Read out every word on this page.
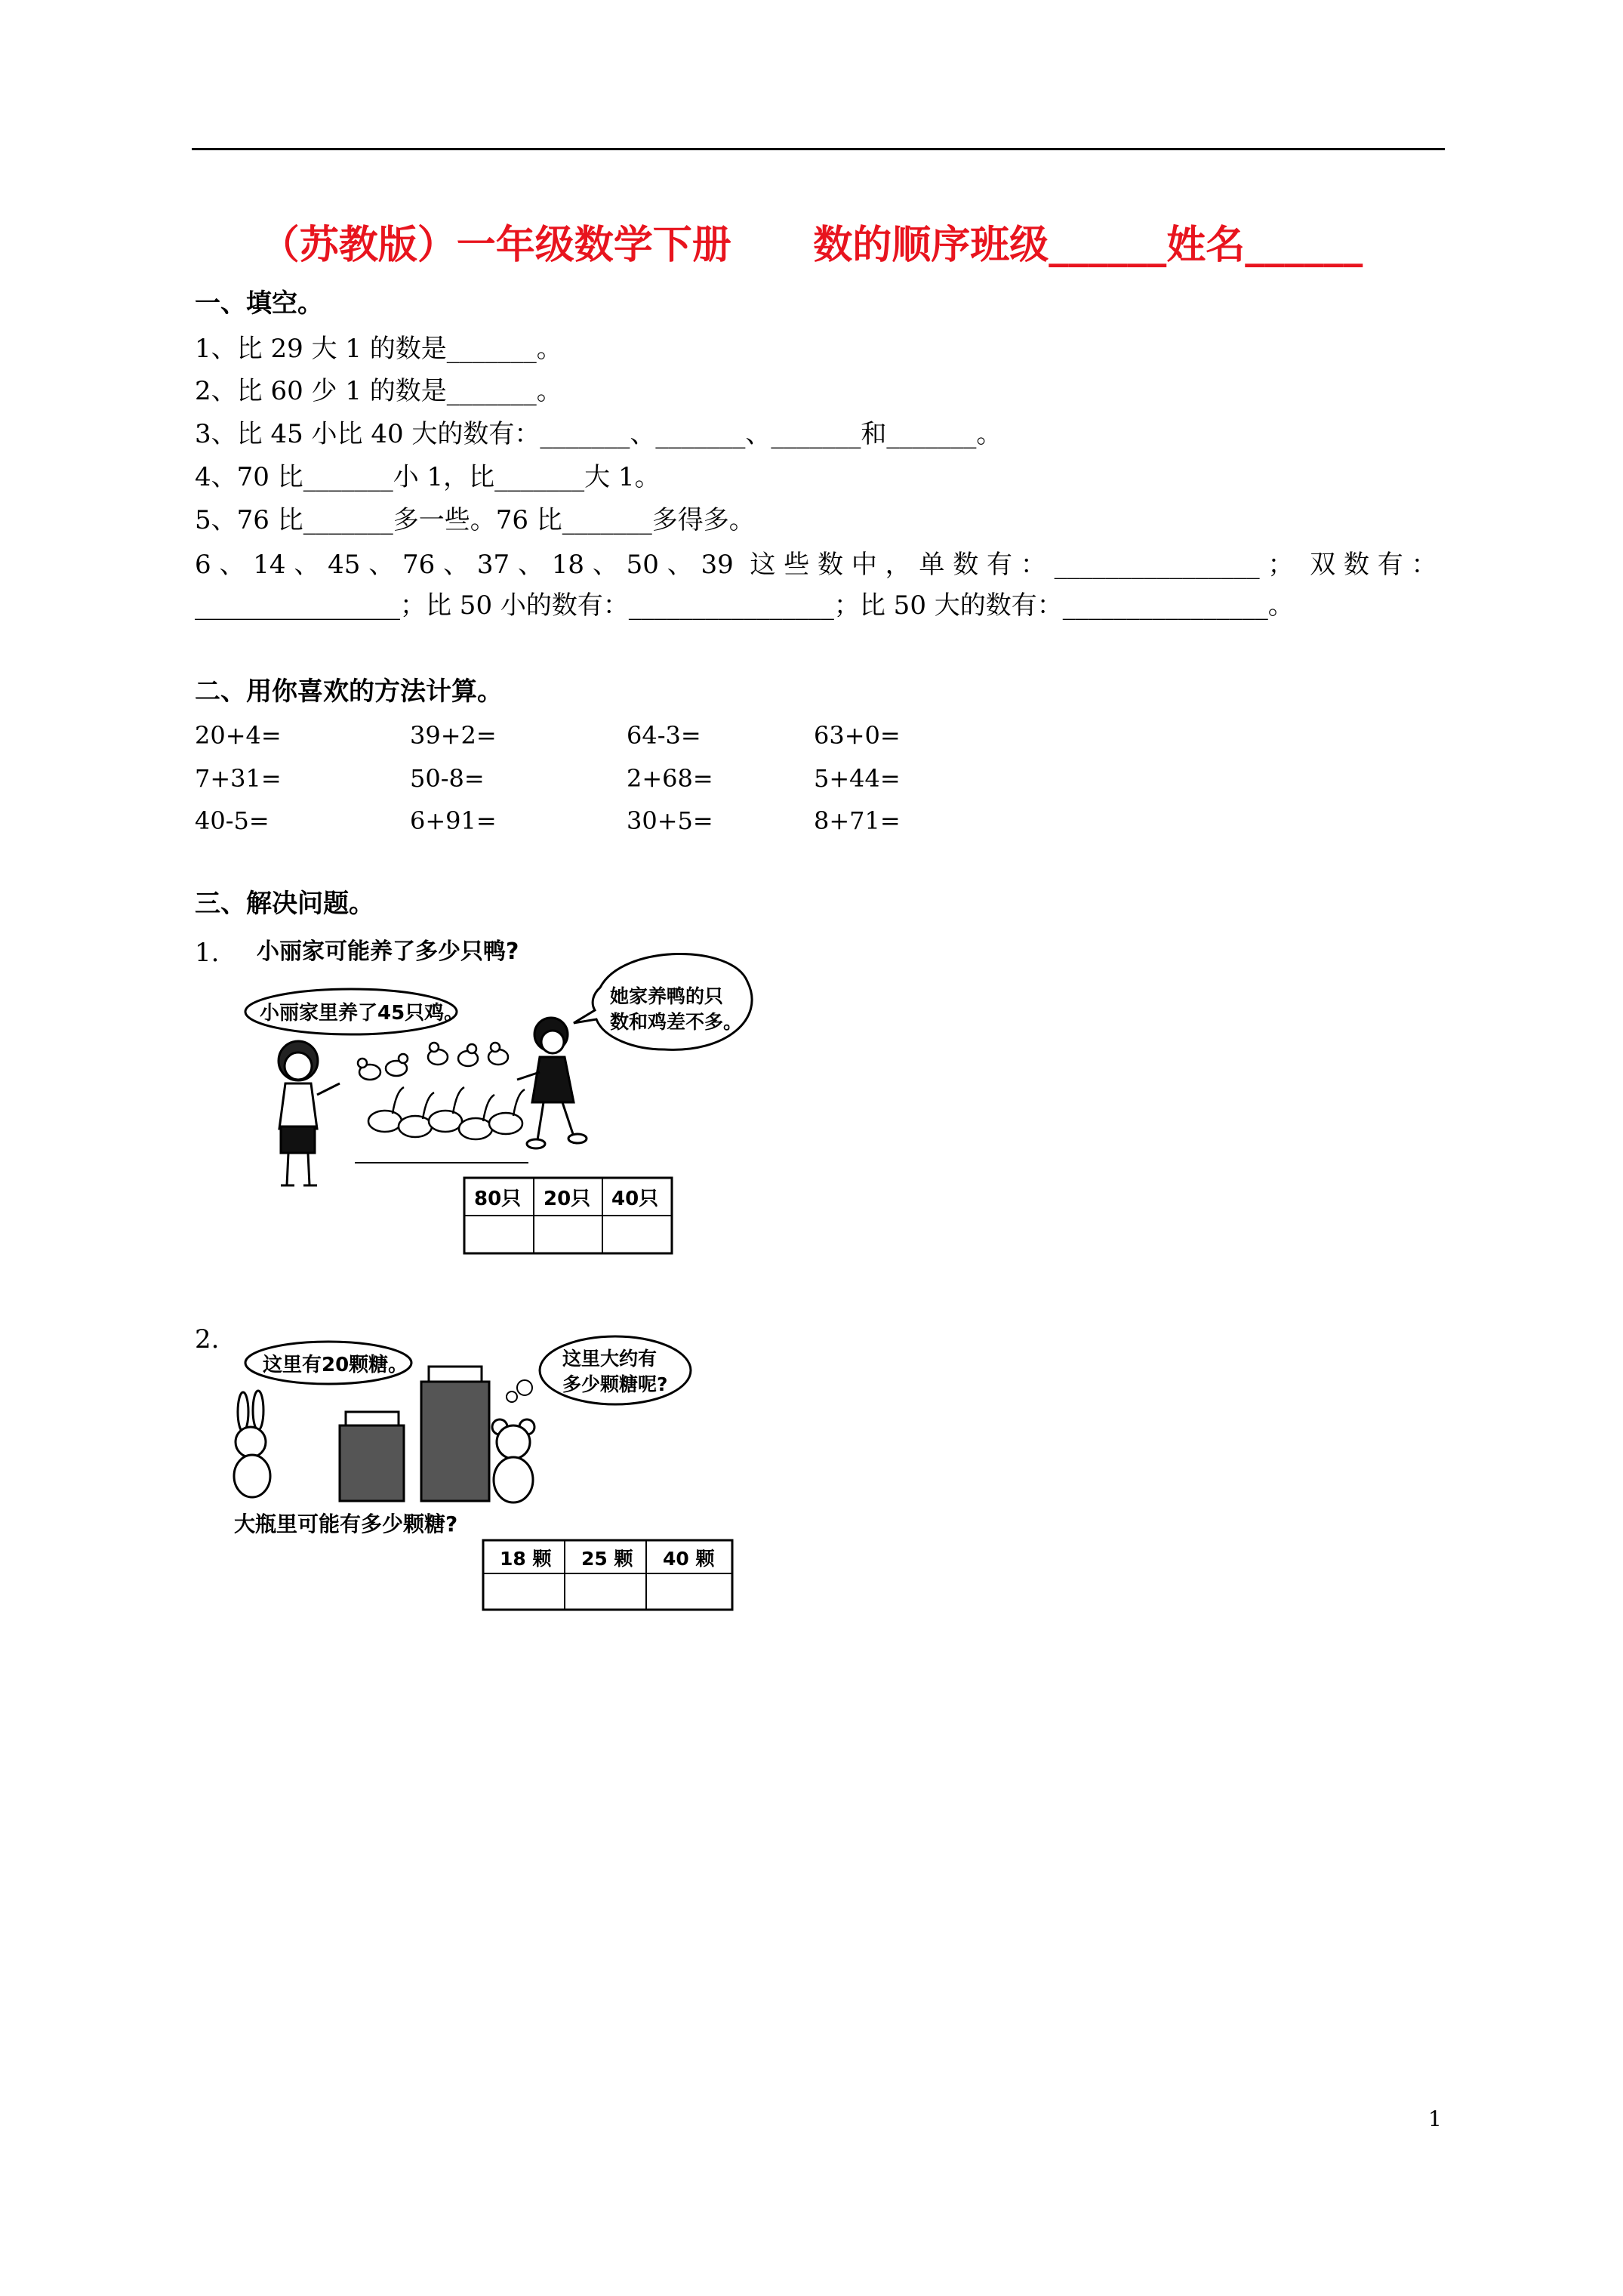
（苏教版）一年级数学下册      数的顺序班级______姓名______
一、填空。
1、比 29 大 1 的数是_______。
2、比 60 少 1 的数是_______。
3、比 45 小比 40 大的数有：_______、_______、_______和_______。
4、70 比_______小 1，比_______大 1。
5、76 比_______多一些。76 比_______多得多。
6 、 14 、 45 、 76 、 37 、 18 、 50 、 39  这 些 数 中 ， 单 数 有 ： ________________ ；  双 数 有 ：
________________；比 50 小的数有：________________；比 50 大的数有：________________。
二、用你喜欢的方法计算。
20+4=	39+2=	64-3=	63+0=
7+31=	50-8=	2+68=	5+44=
40-5=	6+91=	30+5=	8+71=
三、解决问题。
1.
2.
小丽家可能养了多少只鸭?
小丽家里养了45只鸡。
她家养鸭的只
数和鸡差不多。
80只 20只 40只
这里有20颗糖。	这里大约有
多少颗糖呢?
大瓶里可能有多少颗糖?
18 颗 25 颗 40 颗
1
